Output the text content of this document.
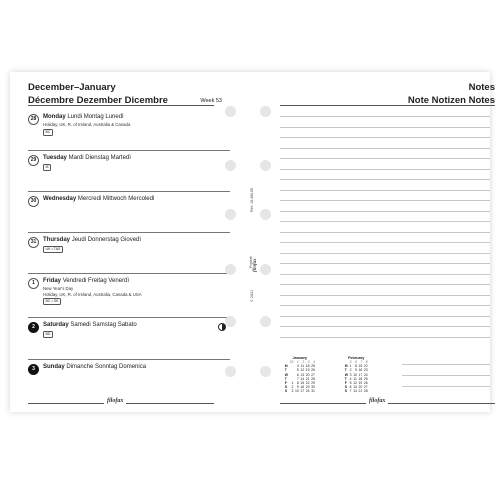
December–January
Décembre Dezember Dicembre	Week 53
28	Monday Lundi Montag Lunedì
Holiday, UK, R. of Ireland, Australia & Canada
BC
29	Tuesday Mardi Dienstag Martedì
IE
30	Wednesday Mercredi Mittwoch Mercoledì
31	Thursday Jeudi Donnerstag Giovedì
UK • TAS
1	Friday Vendredi Freitag Venerdì
New Year's Day
Holiday, UK, R. of Ireland, Australia, Canada & USA
BC • SK
2	Saturday Samedi Samstag Sabato
BD
3	Sunday Dimanche Sonntag Domenica
filofax
Ref: 16-68105
Pocket filofax
© 2021
Notes
Note Notizen Notes
January
	53	1	2	3	4
M		4	11	18	25
T		5	12	19	26
W		6	13	20	27
T		7	14	21	28
F	1	8	15	22	29
S	2	9	16	23	30
S	3	10	17	24	31
February
	5	6	7	8
M	1	8	15	22
T	2	9	16	23
W	3	10	17	24
T	4	11	18	25
F	5	12	19	26
S	6	13	20	27
S	7	14	21	28
filofax
